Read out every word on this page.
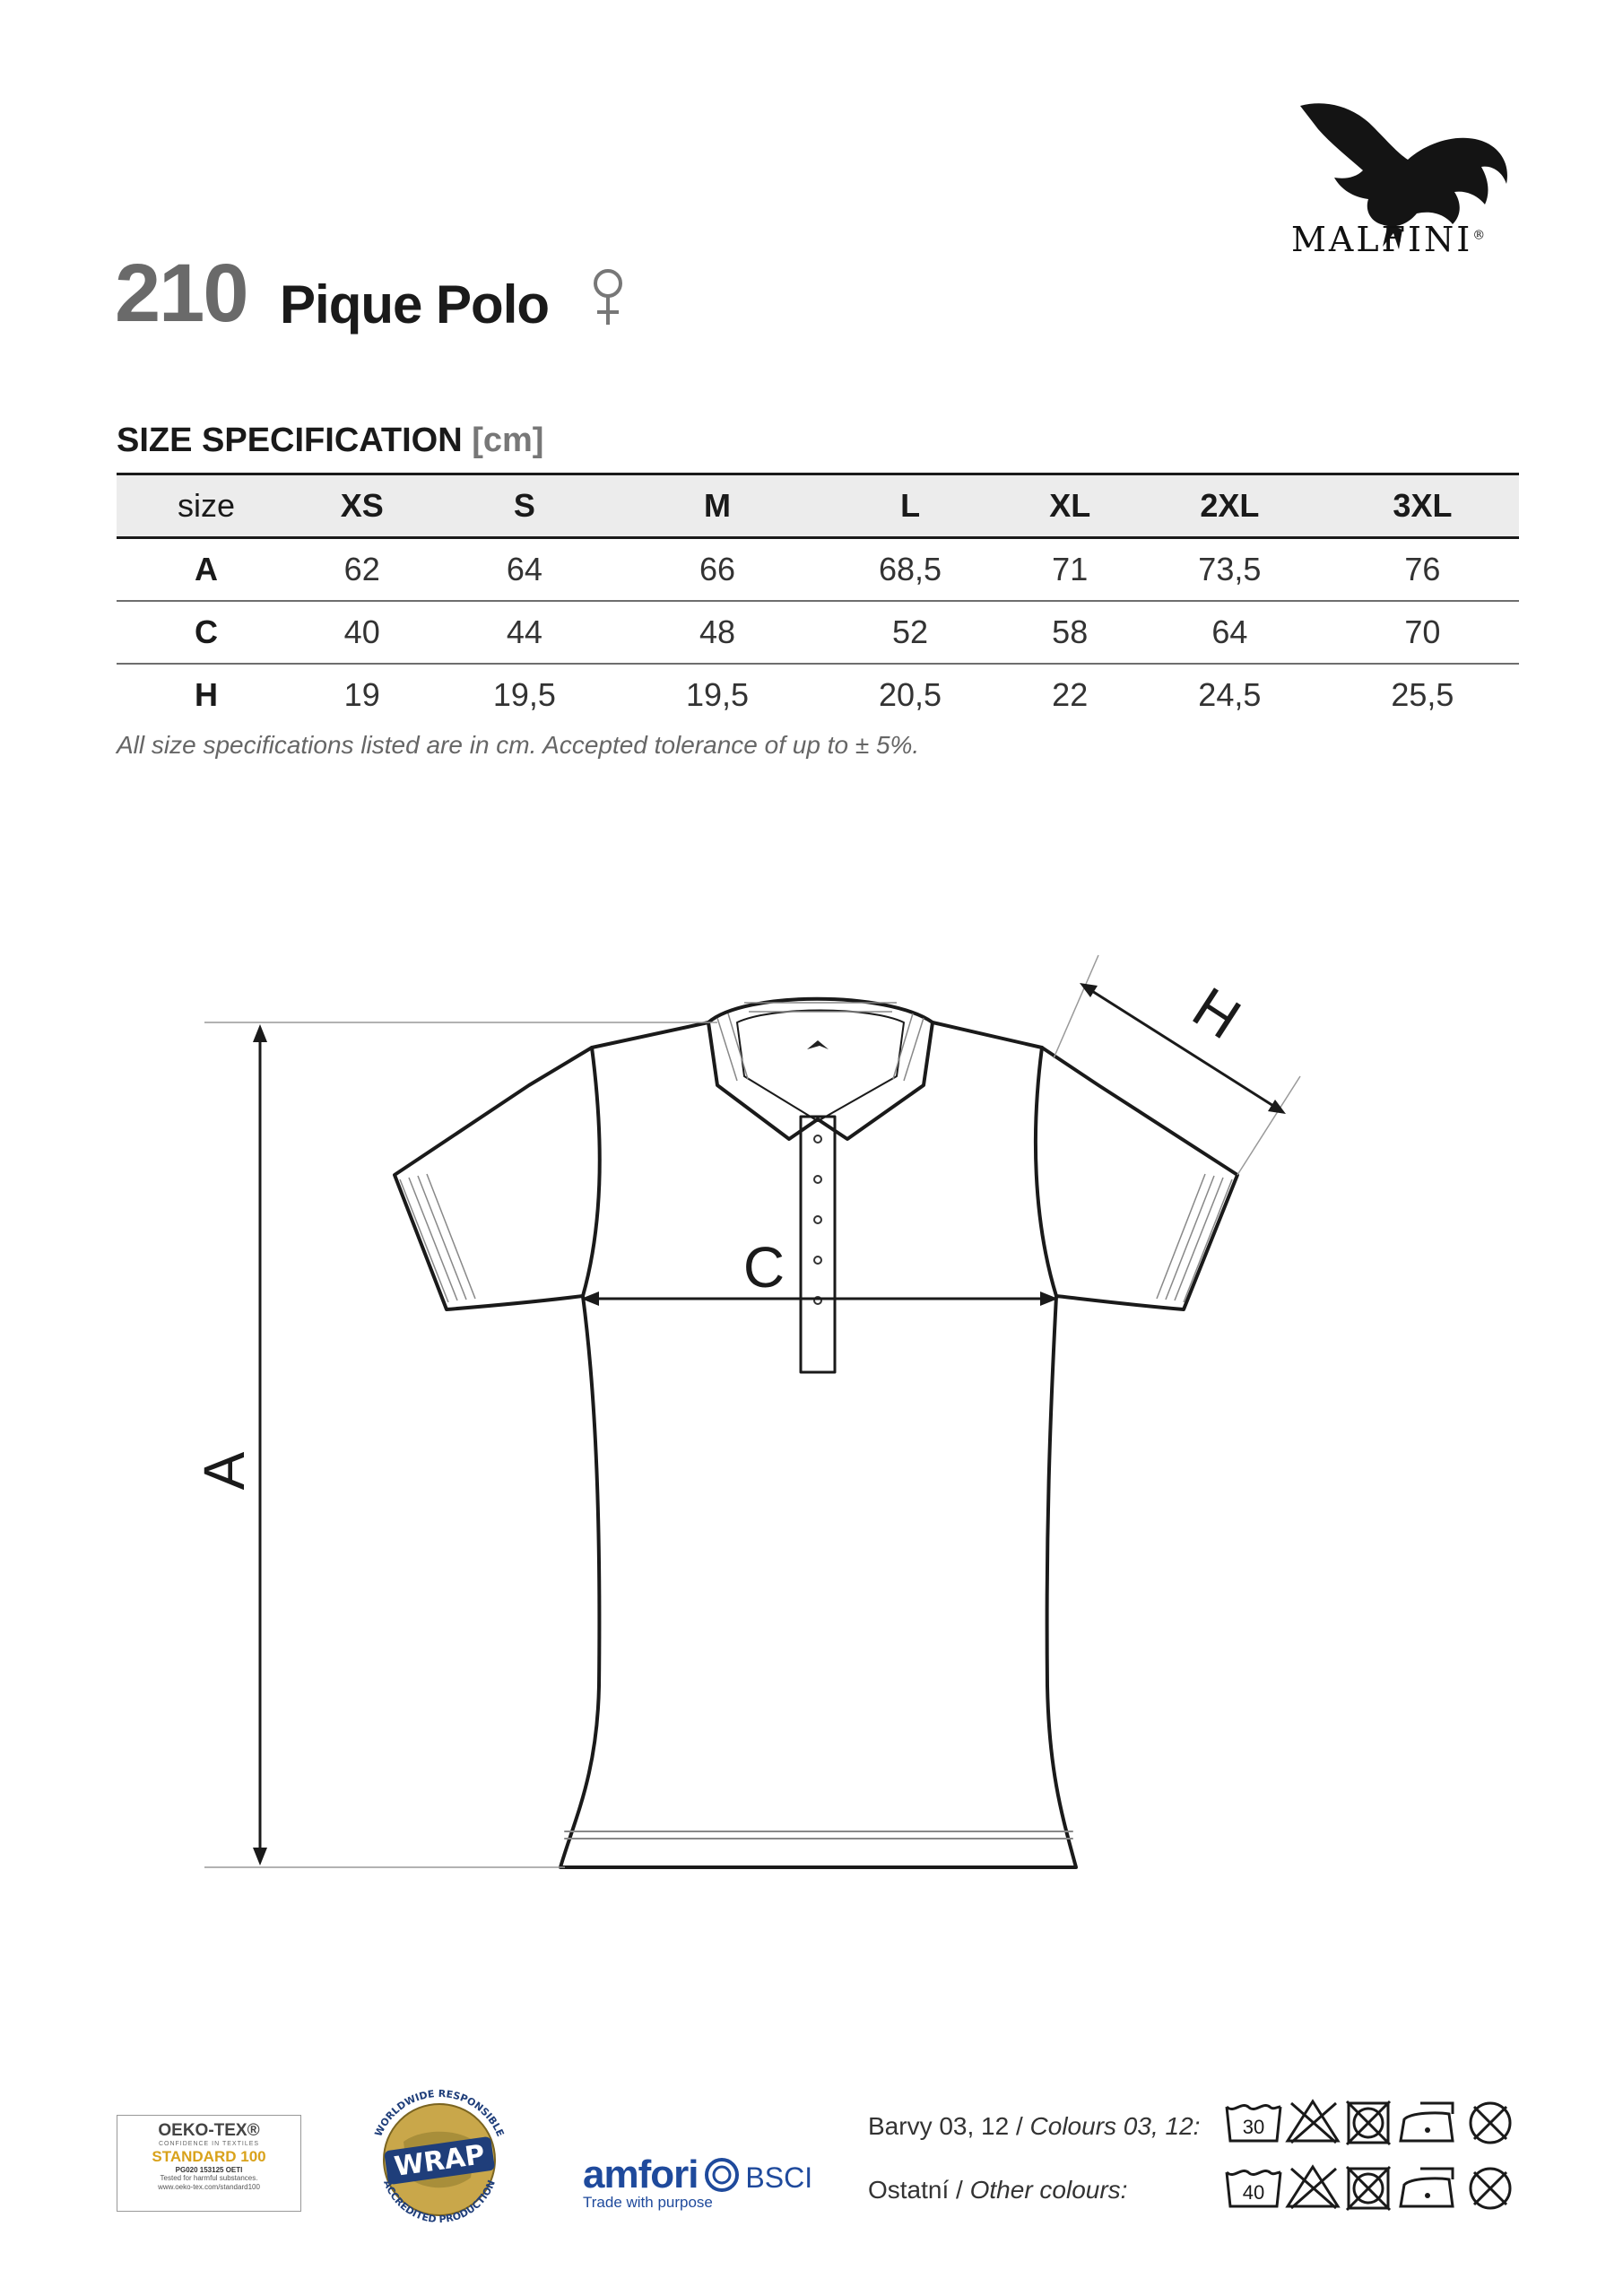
MALFINI®
210 Pique Polo
SIZE SPECIFICATION [cm]
size	XS	S	M	L	XL	2XL	3XL
A	62	64	66	68,5	71	73,5	76
C	40	44	48	52	58	64	70
H	19	19,5	19,5	20,5	22	24,5	25,5
All size specifications listed are in cm. Accepted tolerance of up to ± 5%.
A
C
H
OEKO-TEX®
CONFIDENCE IN TEXTILES
STANDARD 100
PG020 153125 OETI
Tested for harmful substances.
www.oeko-tex.com/standard100
WRAP
WORLDWIDE RESPONSIBLE
ACCREDITED PRODUCTION amfori BSCI
Trade with purpose
Barvy 03, 12 / Colours 03, 12:
Ostatní / Other colours:
30
40
